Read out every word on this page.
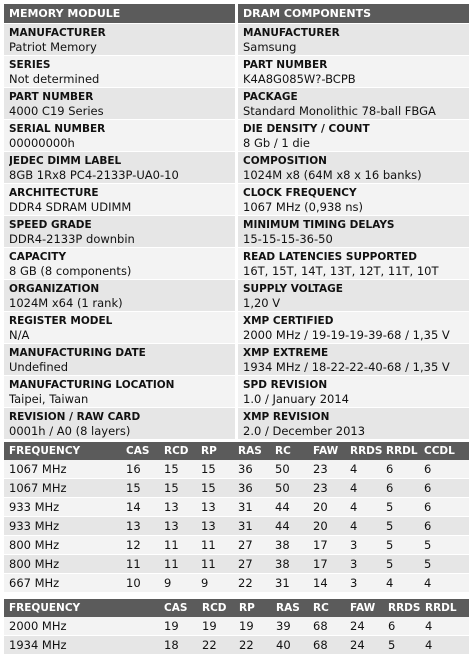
MEMORY MODULE
MANUFACTURER
Patriot Memory
SERIES
Not determined
PART NUMBER
4000 C19 Series
SERIAL NUMBER
00000000h
JEDEC DIMM LABEL
8GB 1Rx8 PC4-2133P-UA0-10
ARCHITECTURE
DDR4 SDRAM UDIMM
SPEED GRADE
DDR4-2133P downbin
CAPACITY
8 GB (8 components)
ORGANIZATION
1024M x64 (1 rank)
REGISTER MODEL
N/A
MANUFACTURING DATE
Undefined
MANUFACTURING LOCATION
Taipei, Taiwan
REVISION / RAW CARD
0001h / A0 (8 layers)
DRAM COMPONENTS
MANUFACTURER
Samsung
PART NUMBER
K4A8G085W?-BCPB
PACKAGE
Standard Monolithic 78-ball FBGA
DIE DENSITY / COUNT
8 Gb / 1 die
COMPOSITION
1024M x8 (64M x8 x 16 banks)
CLOCK FREQUENCY
1067 MHz (0,938 ns)
MINIMUM TIMING DELAYS
15-15-15-36-50
READ LATENCIES SUPPORTED
16T, 15T, 14T, 13T, 12T, 11T, 10T
SUPPLY VOLTAGE
1,20 V
XMP CERTIFIED
2000 MHz / 19-19-19-39-68 / 1,35 V
XMP EXTREME
1934 MHz / 18-22-22-40-68 / 1,35 V
SPD REVISION
1.0 / January 2014
XMP REVISION
2.0 / December 2013
FREQUENCY	CAS	RCD	RP	RAS	RC	FAW	RRDS	RRDL	CCDL
1067 MHz	16	15	15	36	50	23	4	6	6
1067 MHz	15	15	15	36	50	23	4	6	6
933 MHz	14	13	13	31	44	20	4	5	6
933 MHz	13	13	13	31	44	20	4	5	6
800 MHz	12	11	11	27	38	17	3	5	5
800 MHz	11	11	11	27	38	17	3	5	5
667 MHz	10	9	9	22	31	14	3	4	4
FREQUENCY	CAS	RCD	RP	RAS	RC	FAW	RRDS	RRDL
2000 MHz	19	19	19	39	68	24	6	4
1934 MHz	18	22	22	40	68	24	5	4
